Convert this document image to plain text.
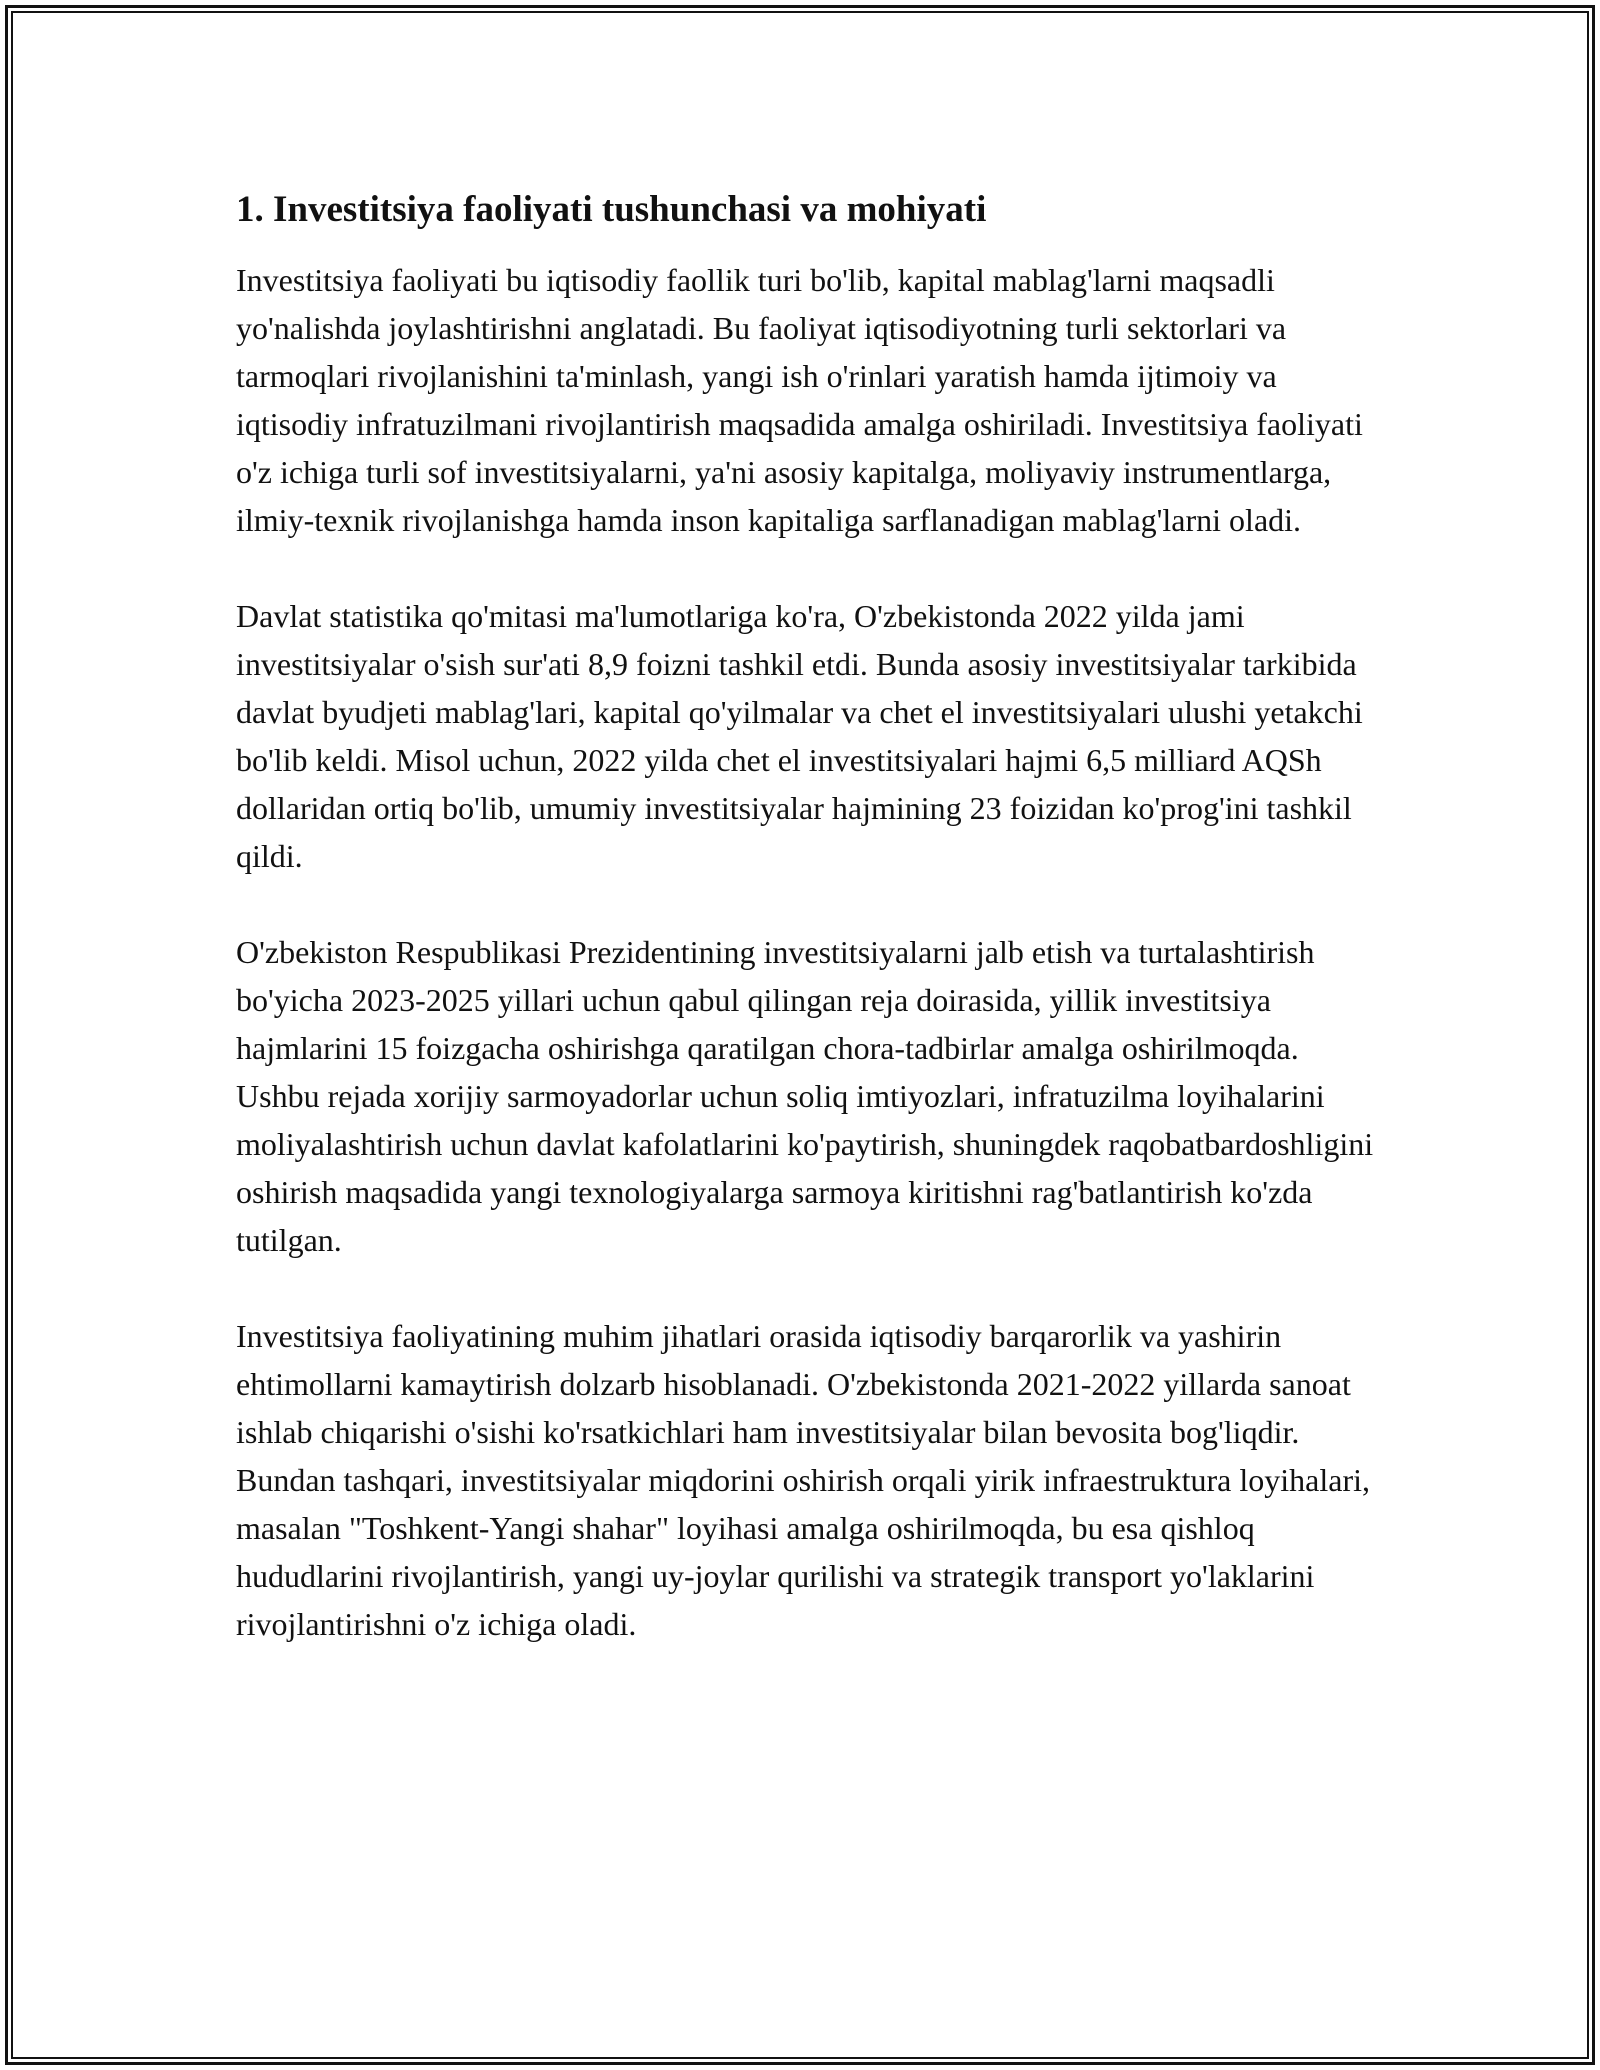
1. Investitsiya faoliyati tushunchasi va mohiyati

Investitsiya faoliyati bu iqtisodiy faollik turi bo'lib, kapital mablag'larni maqsadli yo'nalishda joylashtirishni anglatadi. Bu faoliyat iqtisodiyotning turli sektorlari va tarmoqlari rivojlanishini ta'minlash, yangi ish o'rinlari yaratish hamda ijtimoiy va iqtisodiy infratuzilmani rivojlantirish maqsadida amalga oshiriladi. Investitsiya faoliyati o'z ichiga turli sof investitsiyalarni, ya'ni asosiy kapitalga, moliyaviy instrumentlarga, ilmiy-texnik rivojlanishga hamda inson kapitaliga sarflanadigan mablag'larni oladi.

Davlat statistika qo'mitasi ma'lumotlariga ko'ra, O'zbekistonda 2022 yilda jami investitsiyalar o'sish sur'ati 8,9 foizni tashkil etdi. Bunda asosiy investitsiyalar tarkibida davlat byudjeti mablag'lari, kapital qo'yilmalar va chet el investitsiyalari ulushi yetakchi bo'lib keldi. Misol uchun, 2022 yilda chet el investitsiyalari hajmi 6,5 milliard AQSh dollaridan ortiq bo'lib, umumiy investitsiyalar hajmining 23 foizidan ko'prog'ini tashkil qildi.

O'zbekiston Respublikasi Prezidentining investitsiyalarni jalb etish va turtalashtirish bo'yicha 2023-2025 yillari uchun qabul qilingan reja doirasida, yillik investitsiya hajmlarini 15 foizgacha oshirishga qaratilgan chora-tadbirlar amalga oshirilmoqda. Ushbu rejada xorijiy sarmoyadorlar uchun soliq imtiyozlari, infratuzilma loyihalarini moliyalashtirish uchun davlat kafolatlarini ko'paytirish, shuningdek raqobatbardoshligini oshirish maqsadida yangi texnologiyalarga sarmoya kiritishni rag'batlantirish ko'zda tutilgan.

Investitsiya faoliyatining muhim jihatlari orasida iqtisodiy barqarorlik va yashirin ehtimollarni kamaytirish dolzarb hisoblanadi. O'zbekistonda 2021-2022 yillarda sanoat ishlab chiqarishi o'sishi ko'rsatkichlari ham investitsiyalar bilan bevosita bog'liqdir. Bundan tashqari, investitsiyalar miqdorini oshirish orqali yirik infraestruktura loyihalari, masalan "Toshkent-Yangi shahar" loyihasi amalga oshirilmoqda, bu esa qishloq hududlarini rivojlantirish, yangi uy-joylar qurilishi va strategik transport yo'laklarini rivojlantirishni o'z ichiga oladi.
